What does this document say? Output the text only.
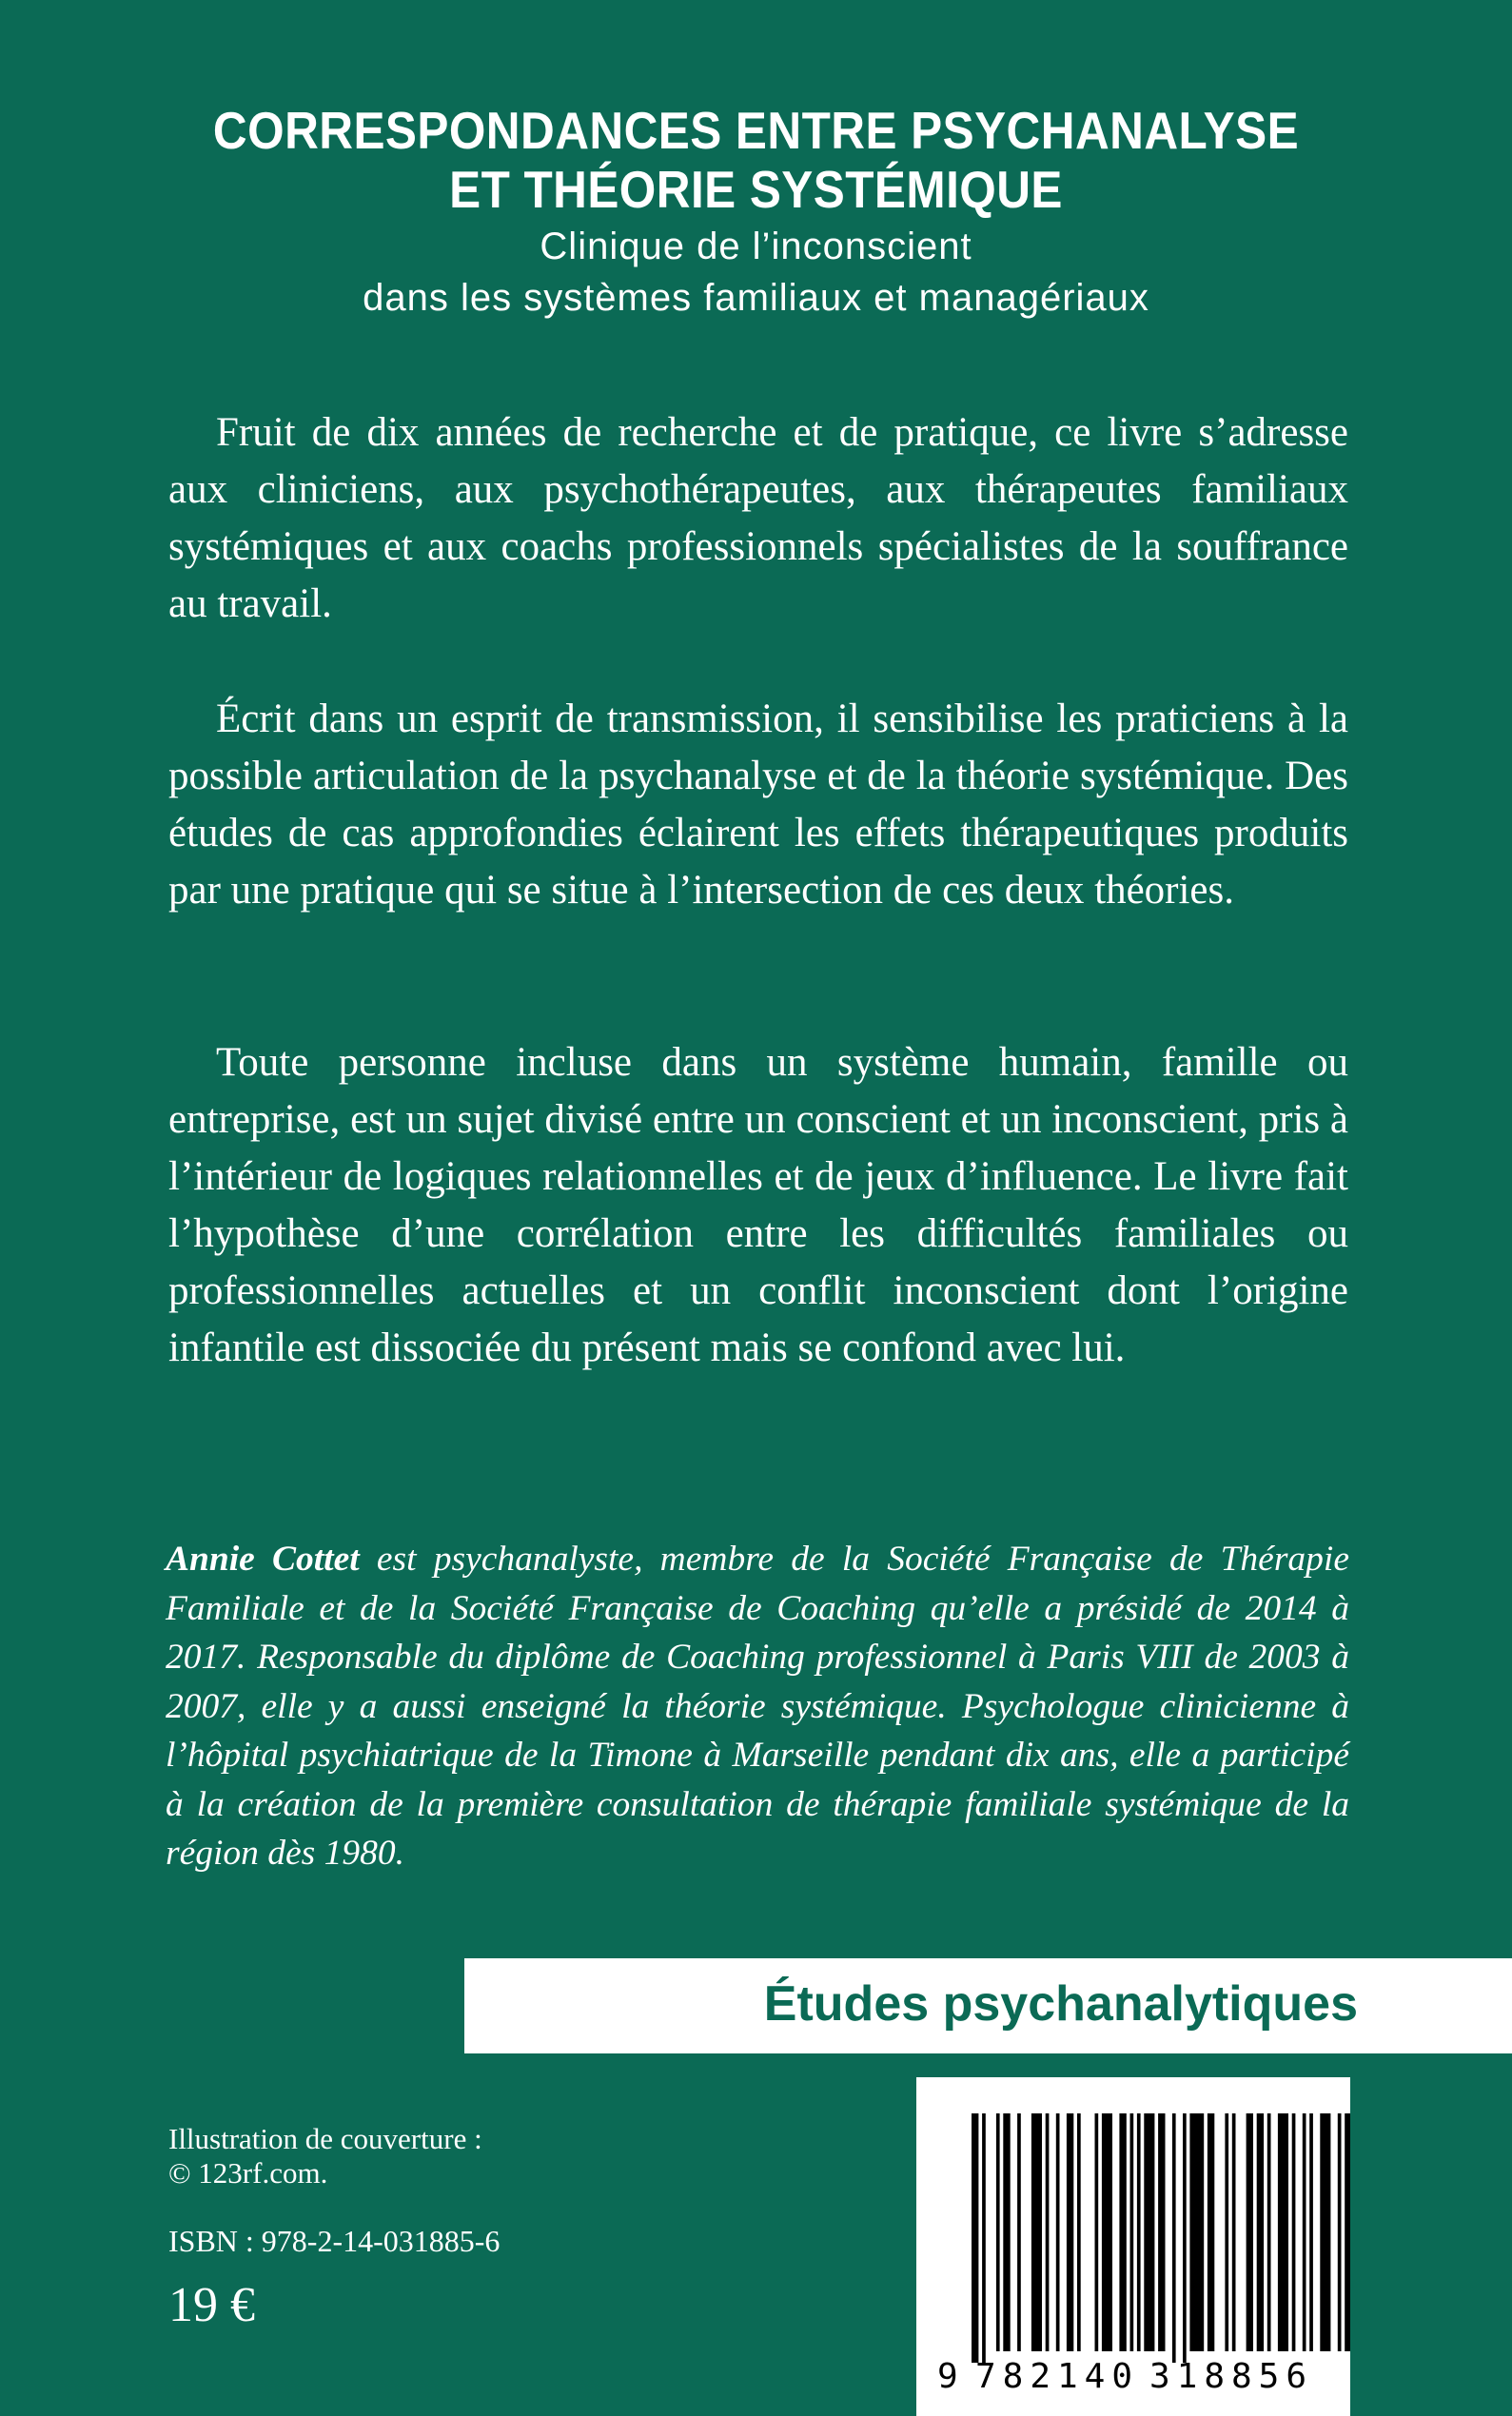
CORRESPONDANCES ENTRE PSYCHANALYSE
ET THÉORIE SYSTÉMIQUE
Clinique de l’inconscient
dans les systèmes familiaux et managériaux

Fruit de dix années de recherche et de pratique, ce livre s’adresse aux cliniciens, aux psychothérapeutes, aux thérapeutes familiaux systémiques et aux coachs professionnels spécialistes de la souffrance au travail.

Écrit dans un esprit de transmission, il sensibilise les praticiens à la possible articulation de la psychanalyse et de la théorie systémique. Des études de cas approfondies éclairent les effets thérapeutiques produits par une pratique qui se situe à l’intersection de ces deux théories.

Toute personne incluse dans un système humain, famille ou entreprise, est un sujet divisé entre un conscient et un inconscient, pris à l’intérieur de logiques relationnelles et de jeux d’influence. Le livre fait l’hypothèse d’une corrélation entre les difficultés familiales ou professionnelles actuelles et un conflit inconscient dont l’origine infantile est dissociée du présent mais se confond avec lui.

Annie Cottet est psychanalyste, membre de la Société Française de Thérapie Familiale et de la Société Française de Coaching qu’elle a présidé de 2014 à 2017. Responsable du diplôme de Coaching professionnel à Paris VIII de 2003 à 2007, elle y a aussi enseigné la théorie systémique. Psychologue clinicienne à l’hôpital psychiatrique de la Timone à Marseille pendant dix ans, elle a participé à la création de la première consultation de thérapie familiale systémique de la région dès 1980.

Études psychanalytiques
Illustration de couverture :
© 123rf.com.
ISBN : 978-2-14-031885-6
19 €
9 782140 318856
